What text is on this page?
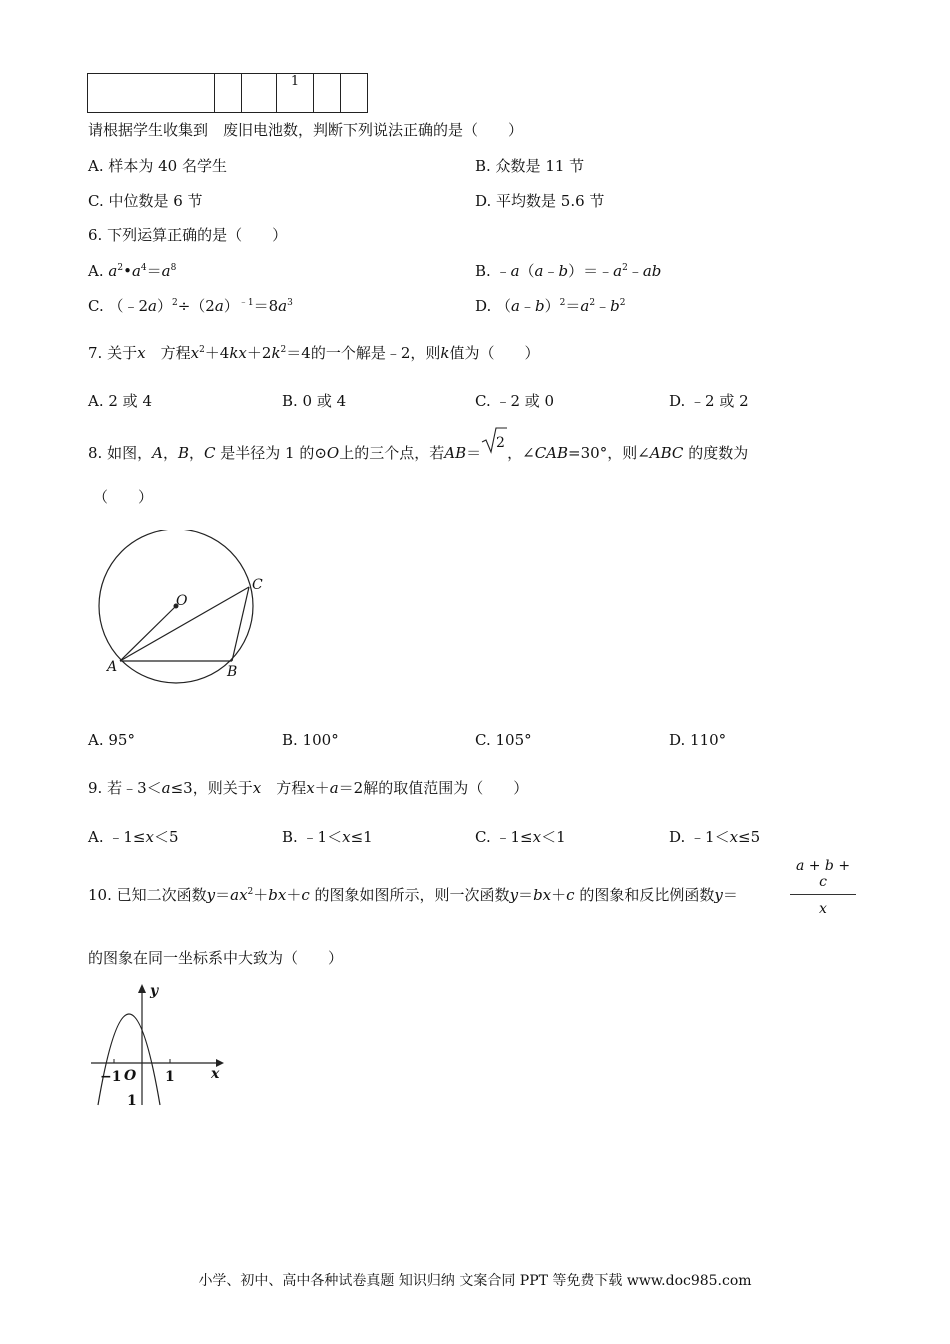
			1		
请根据学生收集到　废旧电池数，判断下列说法正确的是（　　）
A. 样本为 40 名学生	B. 众数是 11 节
C. 中位数是 6 节	D. 平均数是 5.6 节
6. 下列运算正确的是（　　）
A. $a^2•a^4=a^8$	B. $﹣a(a﹣b)=﹣a^2﹣ab$
C. $(﹣2a)^2\div(2a)^{﹣1}=8a^3$	D. $(a﹣b)^2=a^2﹣b^2$
7. 关于x　 方程$x^2+4kx+2k^2=4$的一个解是﹣2，则k值为（　　）
A. 2 或 4	B. 0 或 4	C. ﹣2 或 0	D. ﹣2 或 2
8. 如图，A，B，C 是半径为 1 的⊙O上的三个点，若AB＝
2
，∠CAB=30°，则∠ABC 的度数为
（　　）
O
A	B
C
A. 95°	B. 100°	C. 105°	D. 110°
9. 若﹣3＜a≤3，则关于x　 方程x＋a＝2解的取值范围为（　　）
A. ﹣1≤x＜5	B. ﹣1＜x≤1	C. ﹣1≤x＜1	D. ﹣1＜x≤5
10. 已知二次函数$y=ax^2+bx+c$ 的图象如图所示，则一次函数y＝bx＋c 的图象和反比例函数y＝	$\frac{a + b + c}{x}$
的图象在同一坐标系中大致为（　　）
y
x
O
−1	1
1
小学、初中、高中各种试卷真题 知识归纳 文案合同 PPT 等免费下载 www.doc985.com
